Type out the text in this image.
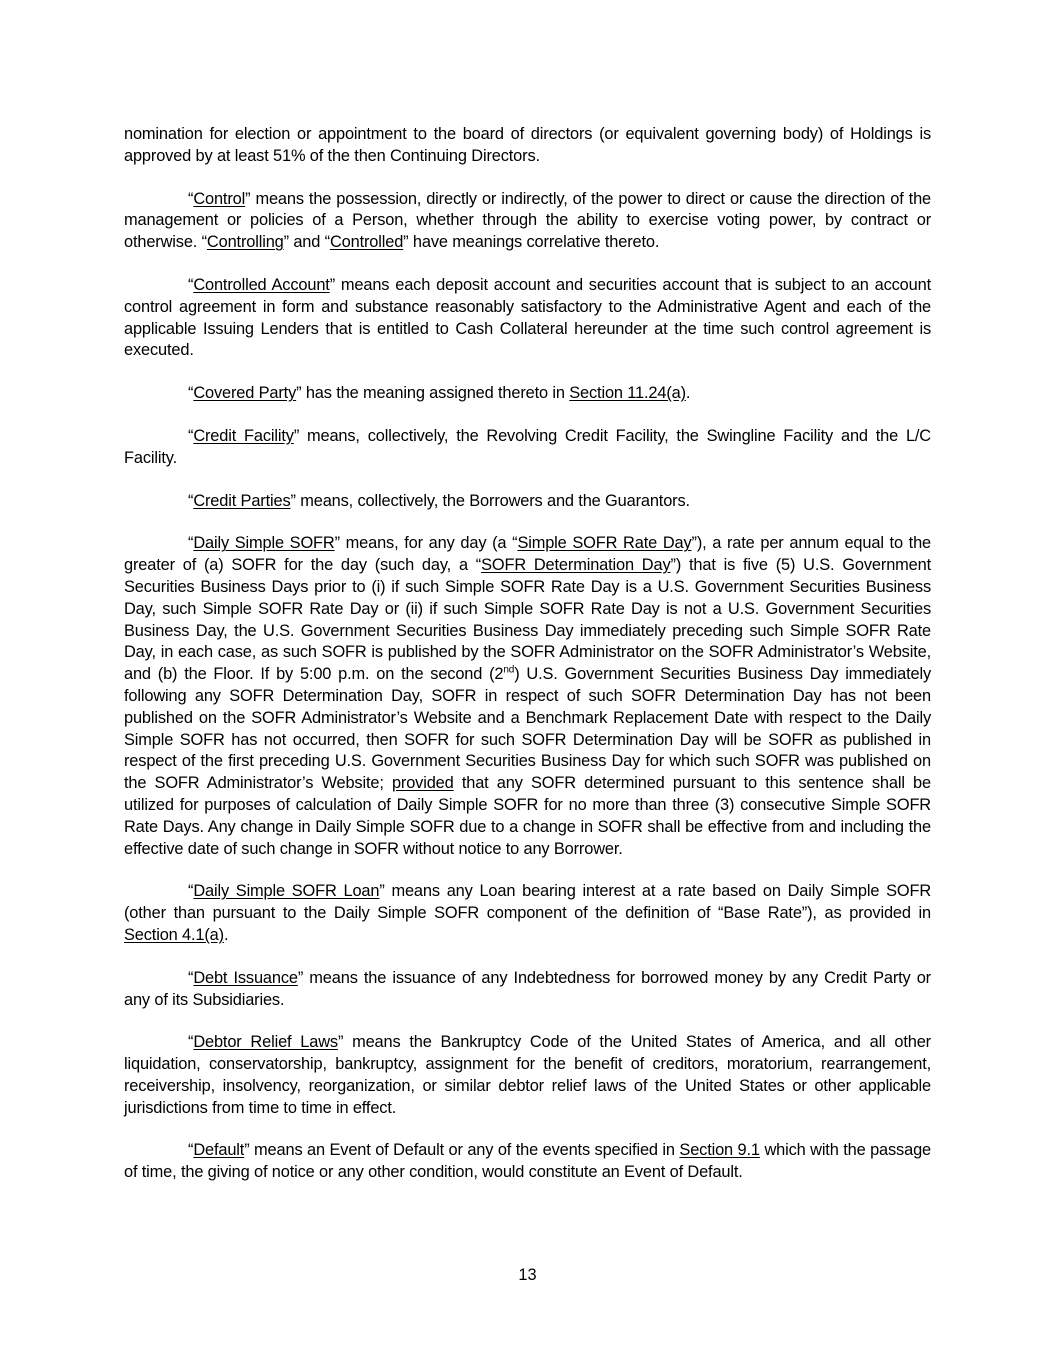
nomination for election or appointment to the board of directors (or equivalent governing body) of Holdings is approved by at least 51% of the then Continuing Directors.

“Control” means the possession, directly or indirectly, of the power to direct or cause the direction of the management or policies of a Person, whether through the ability to exercise voting power, by contract or otherwise. “Controlling” and “Controlled” have meanings correlative thereto.

“Controlled Account” means each deposit account and securities account that is subject to an account control agreement in form and substance reasonably satisfactory to the Administrative Agent and each of the applicable Issuing Lenders that is entitled to Cash Collateral hereunder at the time such control agreement is executed.

“Covered Party” has the meaning assigned thereto in Section 11.24(a).

“Credit Facility” means, collectively, the Revolving Credit Facility, the Swingline Facility and the L/C Facility.

“Credit Parties” means, collectively, the Borrowers and the Guarantors.

“Daily Simple SOFR” means, for any day (a “Simple SOFR Rate Day”), a rate per annum equal to the greater of (a) SOFR for the day (such day, a “SOFR Determination Day”) that is five (5) U.S. Government Securities Business Days prior to (i) if such Simple SOFR Rate Day is a U.S. Government Securities Business Day, such Simple SOFR Rate Day or (ii) if such Simple SOFR Rate Day is not a U.S. Government Securities Business Day, the U.S. Government Securities Business Day immediately preceding such Simple SOFR Rate Day, in each case, as such SOFR is published by the SOFR Administrator on the SOFR Administrator’s Website, and (b) the Floor. If by 5:00 p.m. on the second (2nd) U.S. Government Securities Business Day immediately following any SOFR Determination Day, SOFR in respect of such SOFR Determination Day has not been published on the SOFR Administrator’s Website and a Benchmark Replacement Date with respect to the Daily Simple SOFR has not occurred, then SOFR for such SOFR Determination Day will be SOFR as published in respect of the first preceding U.S. Government Securities Business Day for which such SOFR was published on the SOFR Administrator’s Website; provided that any SOFR determined pursuant to this sentence shall be utilized for purposes of calculation of Daily Simple SOFR for no more than three (3) consecutive Simple SOFR Rate Days. Any change in Daily Simple SOFR due to a change in SOFR shall be effective from and including the effective date of such change in SOFR without notice to any Borrower.

“Daily Simple SOFR Loan” means any Loan bearing interest at a rate based on Daily Simple SOFR (other than pursuant to the Daily Simple SOFR component of the definition of “Base Rate”), as provided in Section 4.1(a).

“Debt Issuance” means the issuance of any Indebtedness for borrowed money by any Credit Party or any of its Subsidiaries.

“Debtor Relief Laws” means the Bankruptcy Code of the United States of America, and all other liquidation, conservatorship, bankruptcy, assignment for the benefit of creditors, moratorium, rearrangement, receivership, insolvency, reorganization, or similar debtor relief laws of the United States or other applicable jurisdictions from time to time in effect.

“Default” means an Event of Default or any of the events specified in Section 9.1 which with the passage of time, the giving of notice or any other condition, would constitute an Event of Default.

13
